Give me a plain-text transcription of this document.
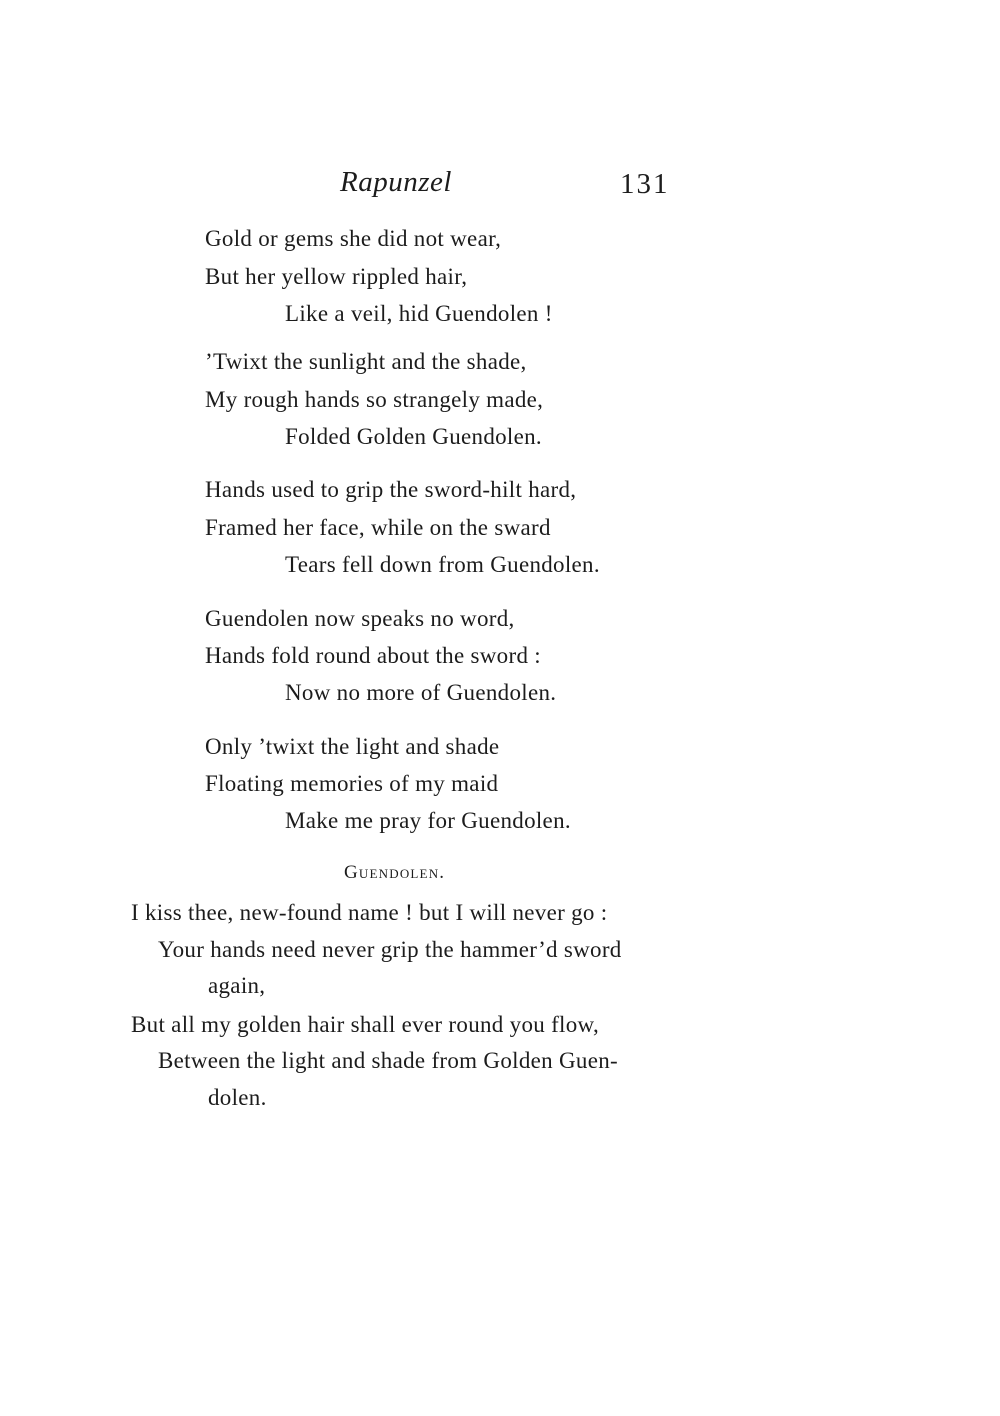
Rapunzel	131
Gold or gems she did not wear,
But her yellow rippled hair,
Like a veil, hid Guendolen !
’Twixt the sunlight and the shade,
My rough hands so strangely made,
Folded Golden Guendolen.
Hands used to grip the sword-hilt hard,
Framed her face, while on the sward
Tears fell down from Guendolen.
Guendolen now speaks no word,
Hands fold round about the sword :
Now no more of Guendolen.
Only ’twixt the light and shade
Floating memories of my maid
Make me pray for Guendolen.
Guendolen.
I kiss thee, new-found name ! but I will never go :
Your hands need never grip the hammer’d sword
again,
But all my golden hair shall ever round you flow,
Between the light and shade from Golden Guen-
dolen.
